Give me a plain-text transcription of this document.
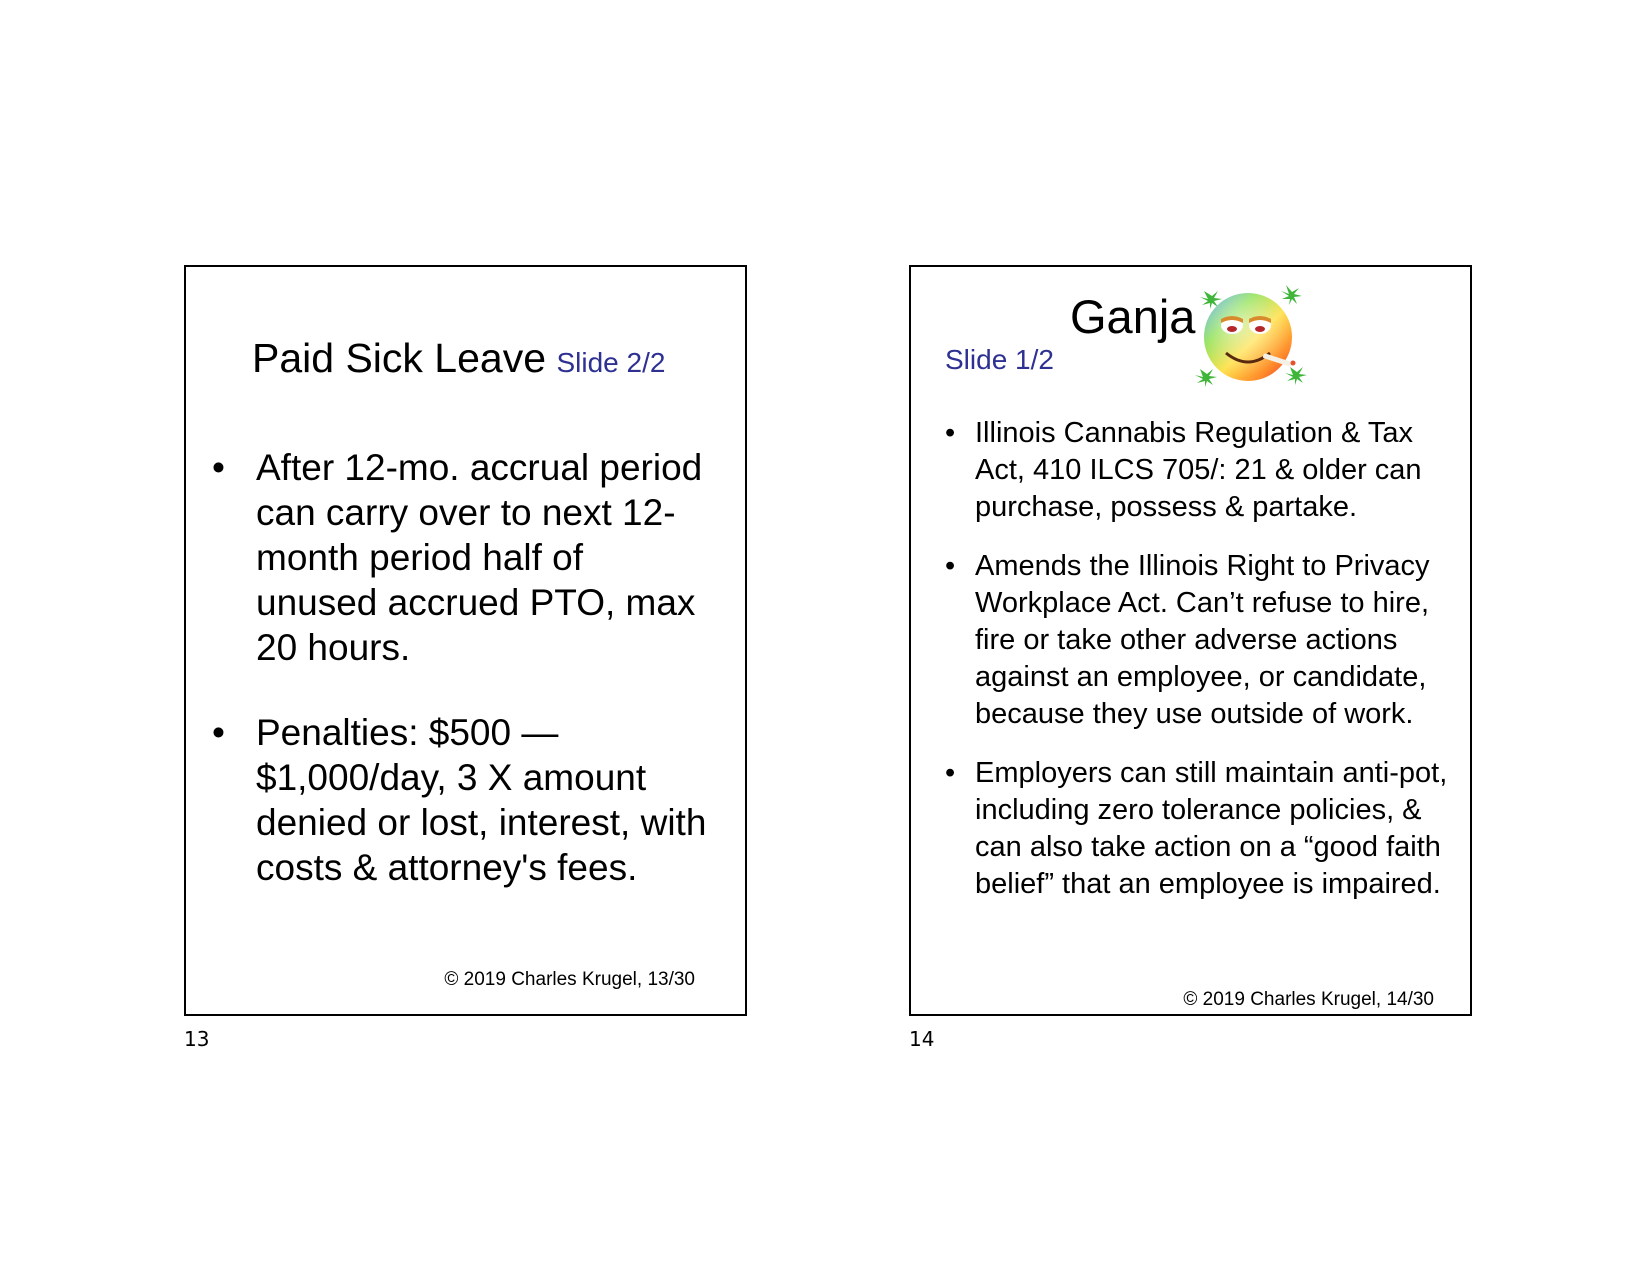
Paid Sick Leave Slide 2/2
• After 12-mo. accrual period can carry over to next 12-month period half of unused accrued PTO, max 20 hours.
• Penalties: $500 — $1,000/day, 3 X amount denied or lost, interest, with costs & attorney's fees.
© 2019 Charles Krugel, 13/30
13
Ganja
Slide 1/2
• Illinois Cannabis Regulation & Tax Act, 410 ILCS 705/: 21 & older can purchase, possess & partake.
• Amends the Illinois Right to Privacy Workplace Act. Can’t refuse to hire, fire or take other adverse actions against an employee, or candidate, because they use outside of work.
• Employers can still maintain anti-pot, including zero tolerance policies, & can also take action on a “good faith belief” that an employee is impaired.
© 2019 Charles Krugel, 14/30
14
